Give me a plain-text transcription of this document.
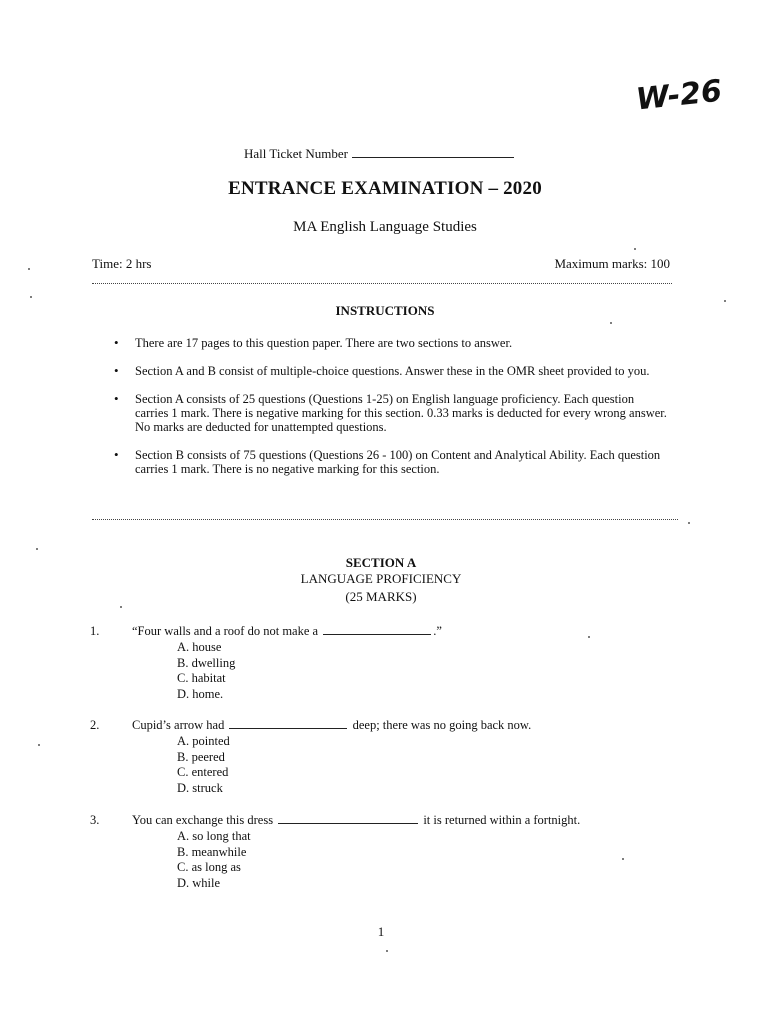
W-26
Hall Ticket Number
ENTRANCE EXAMINATION – 2020
MA English Language Studies
Time: 2 hrs	Maximum marks: 100
INSTRUCTIONS
• There are 17 pages to this question paper. There are two sections to answer.
• Section A and B consist of multiple-choice questions. Answer these in the OMR sheet provided to you.
• Section A consists of 25 questions (Questions 1-25) on English language proficiency. Each question carries 1 mark. There is negative marking for this section. 0.33 marks is deducted for every wrong answer. No marks are deducted for unattempted questions.
• Section B consists of 75 questions (Questions 26 - 100) on Content and Analytical Ability. Each question carries 1 mark. There is no negative marking for this section.
SECTION A
LANGUAGE PROFICIENCY
(25 MARKS)
1.	“Four walls and a roof do not make a	.”
A. house
B. dwelling
C. habitat
D. home.
2.	Cupid’s arrow had	deep; there was no going back now.
A. pointed
B. peered
C. entered
D. struck
3.	You can exchange this dress	it is returned within a fortnight.
A. so long that
B. meanwhile
C. as long as
D. while
1
